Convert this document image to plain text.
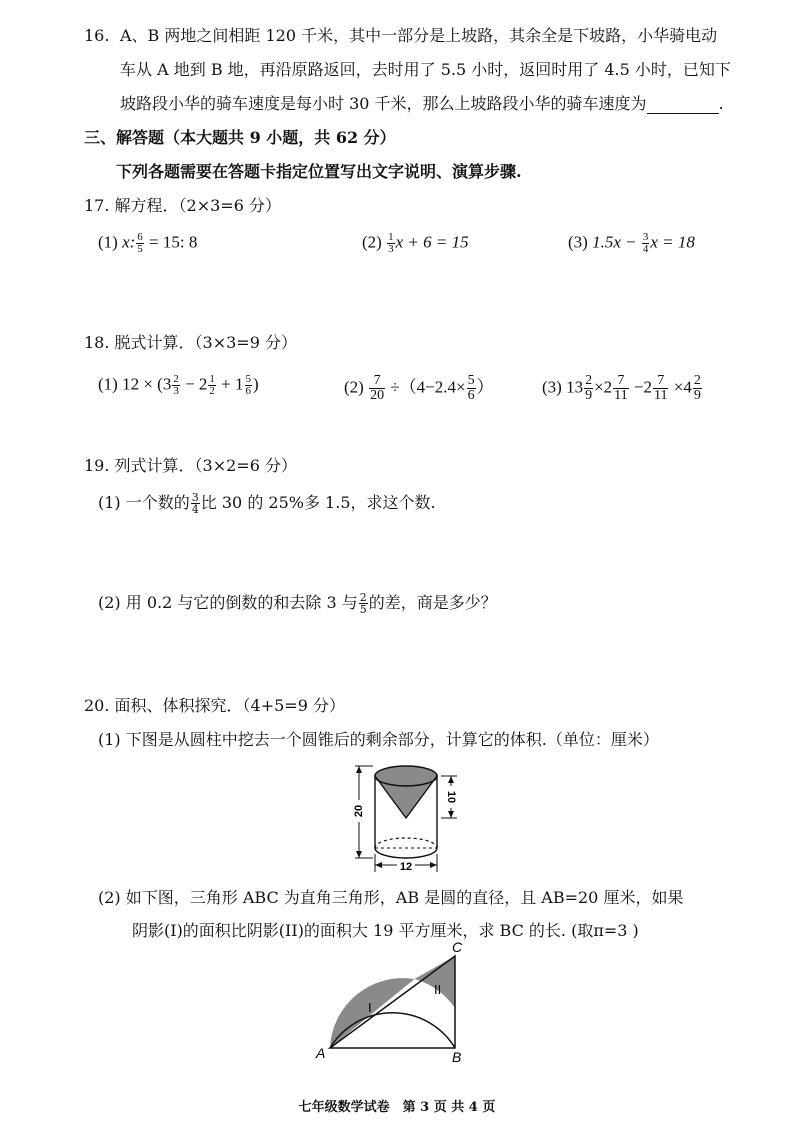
16. A、B 两地之间相距 120 千米，其中一部分是上坡路，其余全是下坡路，小华骑电动
车从 A 地到 B 地，再沿原路返回，去时用了 5.5 小时，返回时用了 4.5 小时，已知下
坡路段小华的骑车速度是每小时 30 千米，那么上坡路段小华的骑车速度为	.
三、解答题（本大题共 9 小题，共 62 分）
下列各题需要在答题卡指定位置写出文字说明、演算步骤.
17. 解方程．（2×3=6 分）
(1) x: $\frac{6}{5} = 15$: 8	$(2) \frac{1}{3}$ x + 6 = 15	(3) $1.5x - \frac{3}{4}$ x = 18
18. 脱式计算．（3×3=9 分）
(1) $12 \times (3 \frac{2}{3} - 2 \frac{1}{2} + 1 \frac{5}{6}$ )	$(2) \frac{7}{20} \div(4-2.4\times \frac{5}{6}$ ）	(3) $13 \frac{2}{9} \times 2 \frac{7}{11} -2 \frac{7}{11} \times 4 \frac{2}{9}$
19. 列式计算．（3×2=6 分）
(1) 一个数的 $\frac{3}{4}$ 比 30 的 25%多 1.5，求这个数.
(2) 用 0.2 与它的倒数的和去除 3 与 $\frac{2}{5}$ 的差，商是多少？
20. 面积、体积探究．（4+5=9 分）
(1) 下图是从圆柱中挖去一个圆锥后的剩余部分，计算它的体积.（单位：厘米）
20
10
12
(2) 如下图，三角形 ABC 为直角三角形，AB 是圆的直径，且 AB=20 厘米，如果
阴影(I)的面积比阴影(II)的面积大 19 平方厘米，求 BC 的长. (取π=3 )
I
II
A	B
C
七年级数学试卷　第 3 页 共 4 页
